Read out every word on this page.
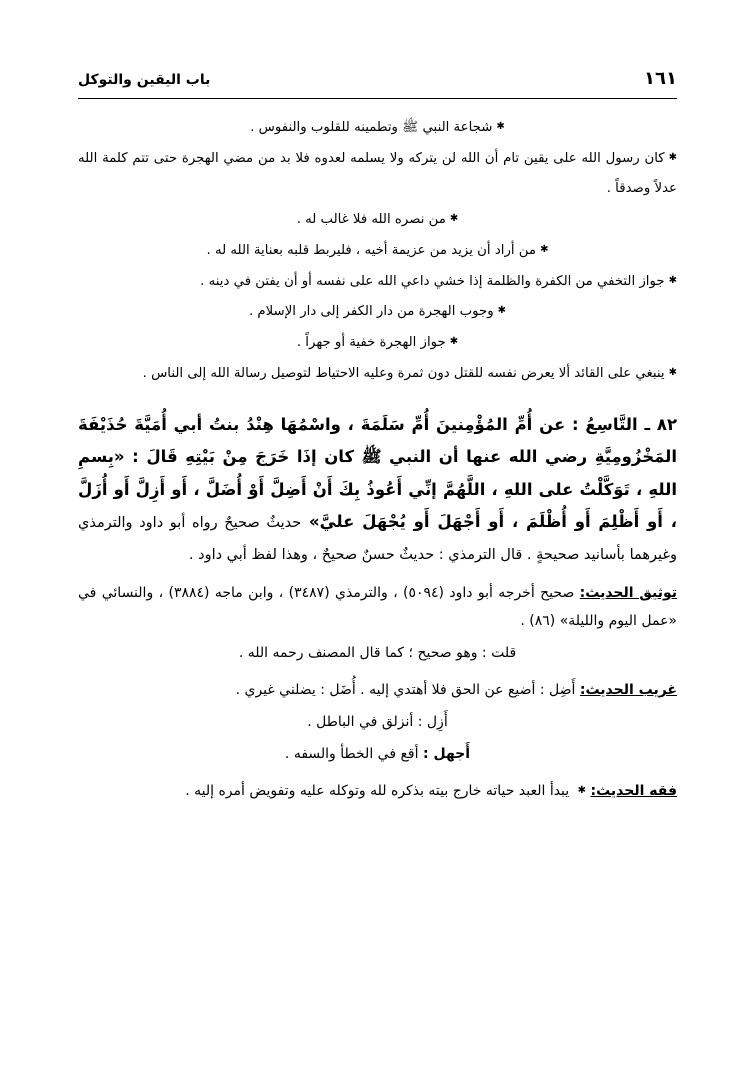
باب اليقين والتوكل	١٦١
✱شجاعة النبي ﷺ وتطمينه للقلوب والنفوس .
✱كان رسول الله على يقين تام أن الله لن يتركه ولا يسلمه لعدوه فلا بد من مضي الهجرة حتى تتم كلمة الله عدلاً وصدقاً .
✱من نصره الله فلا غالب له .
✱من أراد أن يزيد من عزيمة أخيه ، فليربط قلبه بعناية الله له .
✱جواز التخفي من الكفرة والظلمة إذا خشي داعي الله على نفسه أو أن يفتن في دينه .
✱وجوب الهجرة من دار الكفر إلى دار الإسلام .
✱جواز الهجرة خفية أو جهراً .
✱ينبغي على القائد ألا يعرض نفسه للقتل دون ثمرة وعليه الاحتياط لتوصيل رسالة الله إلى الناس .
٨٢ ـ التَّاسِعُ : عن أُمِّ المُؤْمِنينَ أُمِّ سَلَمَةَ ، واسْمُهَا هِنْدُ بنتُ أبي أُمَيَّةَ حُذَيْفَةَ المَخْزُومِيَّةِ رضي الله عنها أن النبي ﷺ كان إذَا خَرَجَ مِنْ بَيْتِهِ قَالَ : «بِسمِ اللهِ ، تَوَكَّلْتُ على اللهِ ، اللَّهُمَّ إنِّي أَعُوذُ بِكَ أَنْ أَضِلَّ أَوْ أُضَلَّ ، أَو أَزِلَّ أَو أُزَلَّ ، أَو أَظْلِمَ أَو أُظْلَمَ ، أَو أَجْهَلَ أَو يُجْهَلَ عليَّ» حديثٌ صحيحٌ رواه أبو داود والترمذي وغيرهما بأسانيد صحيحةٍ . قال الترمذي : حديثٌ حسنٌ صحيحٌ ، وهذا لفظ أبي داود .
توثيق الحديث: صحيح أخرجه أبو داود (٥٠٩٤) ، والترمذي (٣٤٨٧) ، وابن ماجه (٣٨٨٤) ، والنسائي في «عمل اليوم والليلة» (٨٦) .
قلت : وهو صحيح ؛ كما قال المصنف رحمه الله .
غريب الحديث: أَضِل : أضيع عن الحق فلا أهتدي إليه . أُضَل : يضلني غيري .
أَزِل : أنزلق في الباطل .
أَجهل : أقع في الخطأ والسفه .
فقه الحديث: ✱ يبدأ العبد حياته خارج بيته بذكره لله وتوكله عليه وتفويض أمره إليه .
